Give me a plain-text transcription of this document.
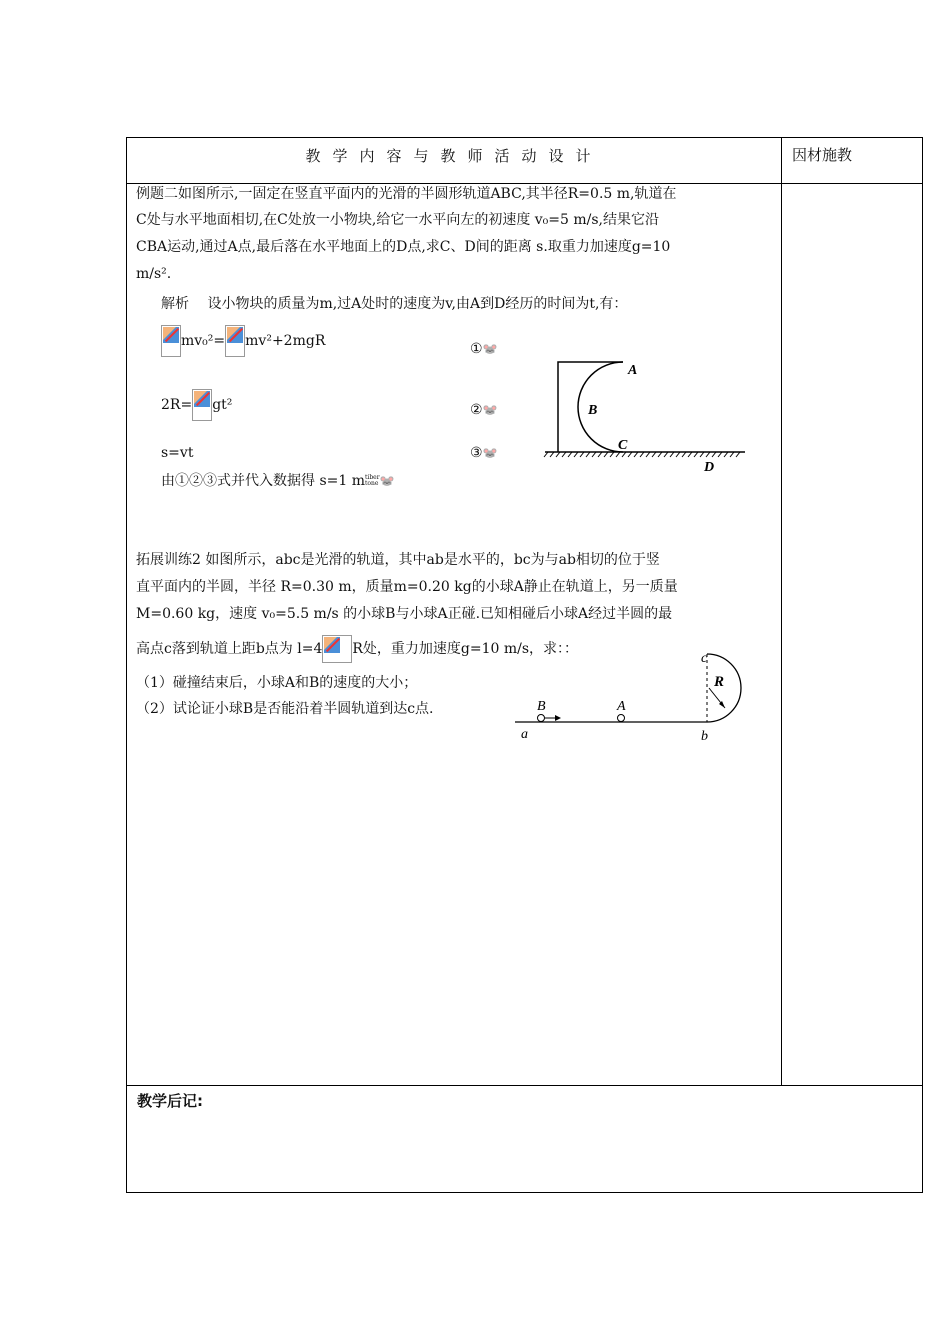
教学内容与教师活动设计	因材施教
例题二如图所示,一固定在竖直平面内的光滑的半圆形轨道ABC,其半径R=0.5 m,轨道在
C处与水平地面相切,在C处放一小物块,给它一水平向左的初速度 v₀=5 m/s,结果它沿
CBA运动,通过A点,最后落在水平地面上的D点,求C、D间的距离 s.取重力加速度g=10
m/s².
解析　 设小物块的质量为m,过A处时的速度为v,由A到D经历的时间为t,有：
mv₀²= mv²+2mgR	①🐭
2R= gt²	②🐭
s=vt	③🐭
由①②③式并代入数据得 s=1 mtiber
tone🐭
A
B
C
D
拓展训练2 如图所示，abc是光滑的轨道，其中ab是水平的，bc为与ab相切的位于竖
直平面内的半圆，半径 R=0.30 m，质量m=0.20 kg的小球A静止在轨道上，另一质量
M=0.60 kg，速度 v₀=5.5 m/s 的小球B与小球A正碰.已知相碰后小球A经过半圆的最
高点c落到轨道上距b点为 l=4 R处，重力加速度g=10 m/s，求：：
（1）碰撞结束后，小球A和B的速度的大小；
（2）试论证小球B是否能沿着半圆轨道到达c点.	B	A
a	b
c
R
教学后记:
